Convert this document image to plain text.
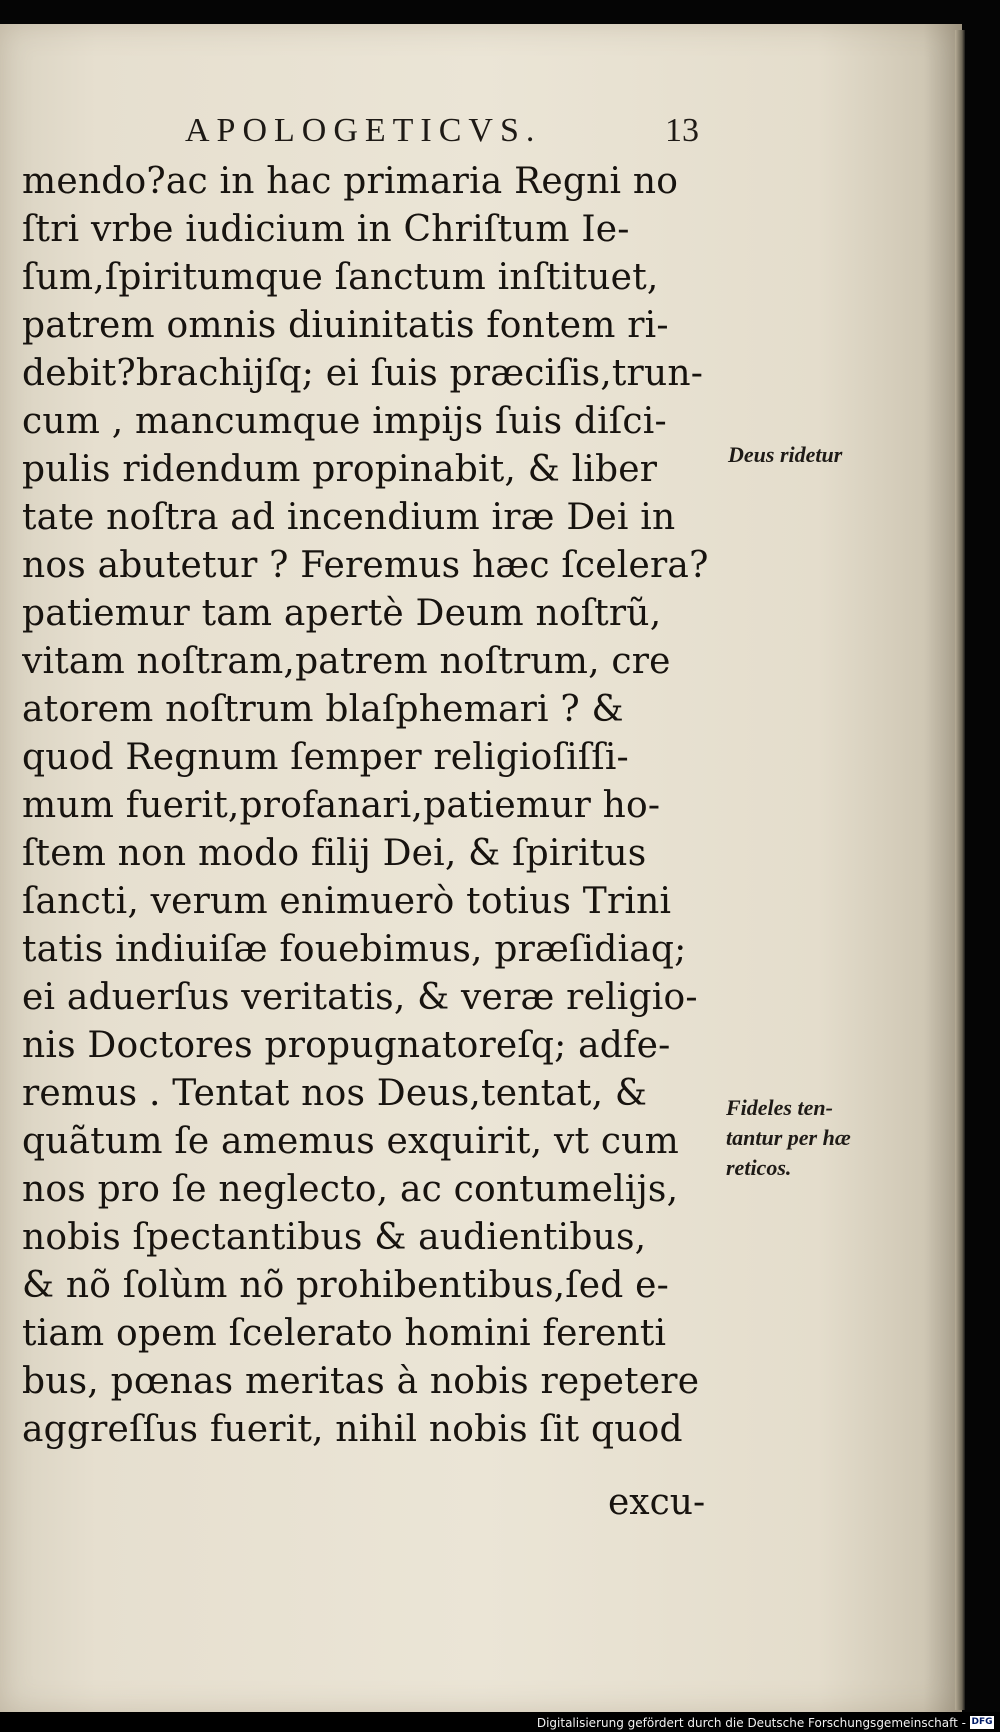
APOLOGETICVS.	13
mendo?ac in hac primaria Regni no
ſtri vrbe iudicium in Chriſtum Ie-
ſum,ſpiritumque ſanctum inſtituet,
patrem omnis diuinitatis fontem ri-
debit?brachijſq; ei ſuis præciſis,trun-
cum , mancumque impijs ſuis diſci-
pulis ridendum propinabit, & liber
tate noſtra ad incendium iræ Dei in
nos abutetur ? Feremus hæc ſcelera?
patiemur tam apertè Deum noſtrũ,
vitam noſtram,patrem noſtrum, cre
atorem noſtrum blaſphemari ? &
quod Regnum ſemper religioſiſſi-
mum fuerit,profanari,patiemur ho-
ſtem non modo filij Dei, & ſpiritus
ſancti, verum enimuerò totius Trini
tatis indiuiſæ fouebimus, præſidiaq;
ei aduerſus veritatis, & veræ religio-
nis Doctores propugnatoreſq; adfe-
remus . Tentat nos Deus,tentat, &
quãtum ſe amemus exquirit, vt cum
nos pro ſe neglecto, ac contumelijs,
nobis ſpectantibus & audientibus,
& nõ ſolùm nõ prohibentibus,ſed e-
tiam opem ſcelerato homini ferenti
bus, pœnas meritas à nobis repetere
aggreſſus fuerit, nihil nobis ſit quod
excu-
Deus ridetur
Fideles ten-
tantur per hæ
reticos.
Digitalisierung gefördert durch die Deutsche Forschungsgemeinschaft - DFG
